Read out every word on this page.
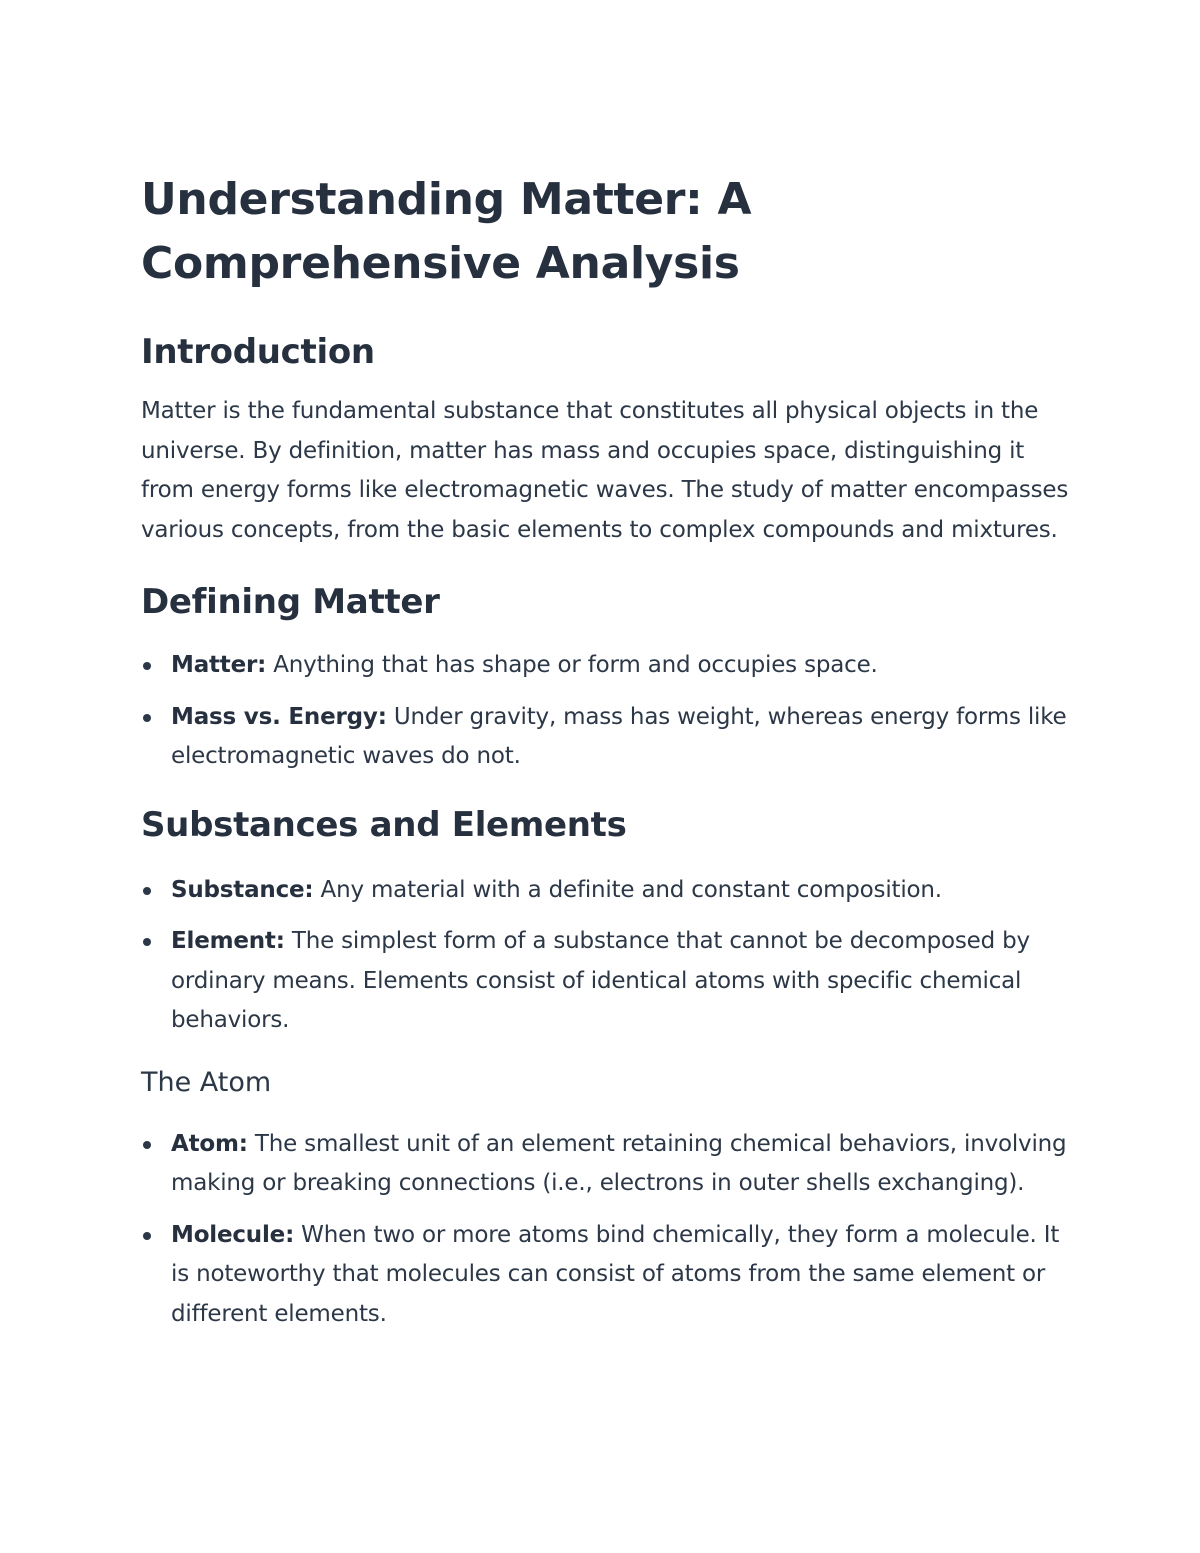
Understanding Matter: A Comprehensive Analysis
Introduction

Matter is the fundamental substance that constitutes all physical objects in the universe. By definition, matter has mass and occupies space, distinguishing it from energy forms like electromagnetic waves. The study of matter encompasses various concepts, from the basic elements to complex compounds and mixtures.

Defining Matter
Matter: Anything that has shape or form and occupies space.
Mass vs. Energy: Under gravity, mass has weight, whereas energy forms like electromagnetic waves do not.
Substances and Elements
Substance: Any material with a definite and constant composition.
Element: The simplest form of a substance that cannot be decomposed by ordinary means. Elements consist of identical atoms with specific chemical behaviors.
The Atom
Atom: The smallest unit of an element retaining chemical behaviors, involving making or breaking connections (i.e., electrons in outer shells exchanging).
Molecule: When two or more atoms bind chemically, they form a molecule. It is noteworthy that molecules can consist of atoms from the same element or different elements.
